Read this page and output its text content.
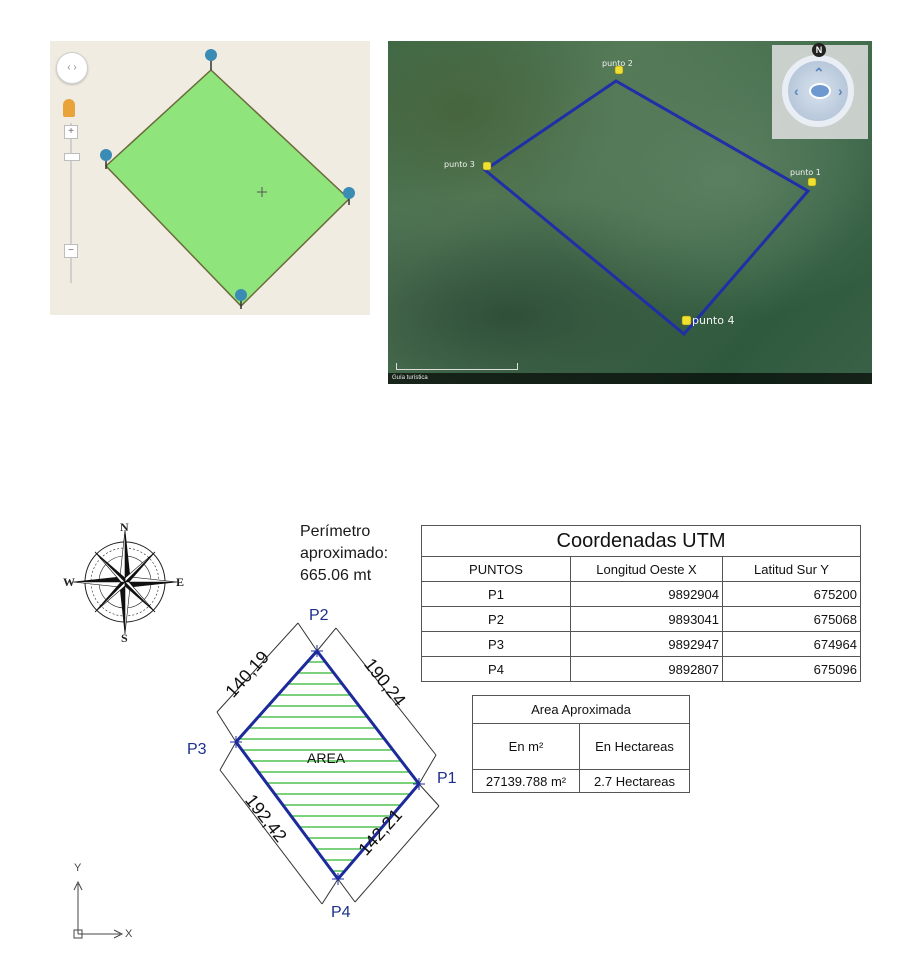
‹ ›
+
−
punto 2
punto 1
punto 3
punto 4
⌃
‹	›
N
Guía turística
N
S
E
W
Perímetro
aproximado:
665.06 mt
P2
P1
P3
P4
AREA
140,19	190,24
192,42	142,21
Y
X
Coordenadas UTM		
PUNTOS	Longitud Oeste X	Latitud Sur Y
P1	9892904	675200
P2	9893041	675068
P3	9892947	674964
P4	9892807	675096
Area Aproximada	
En m²	En Hectareas
27139.788 m²	2.7 Hectareas
